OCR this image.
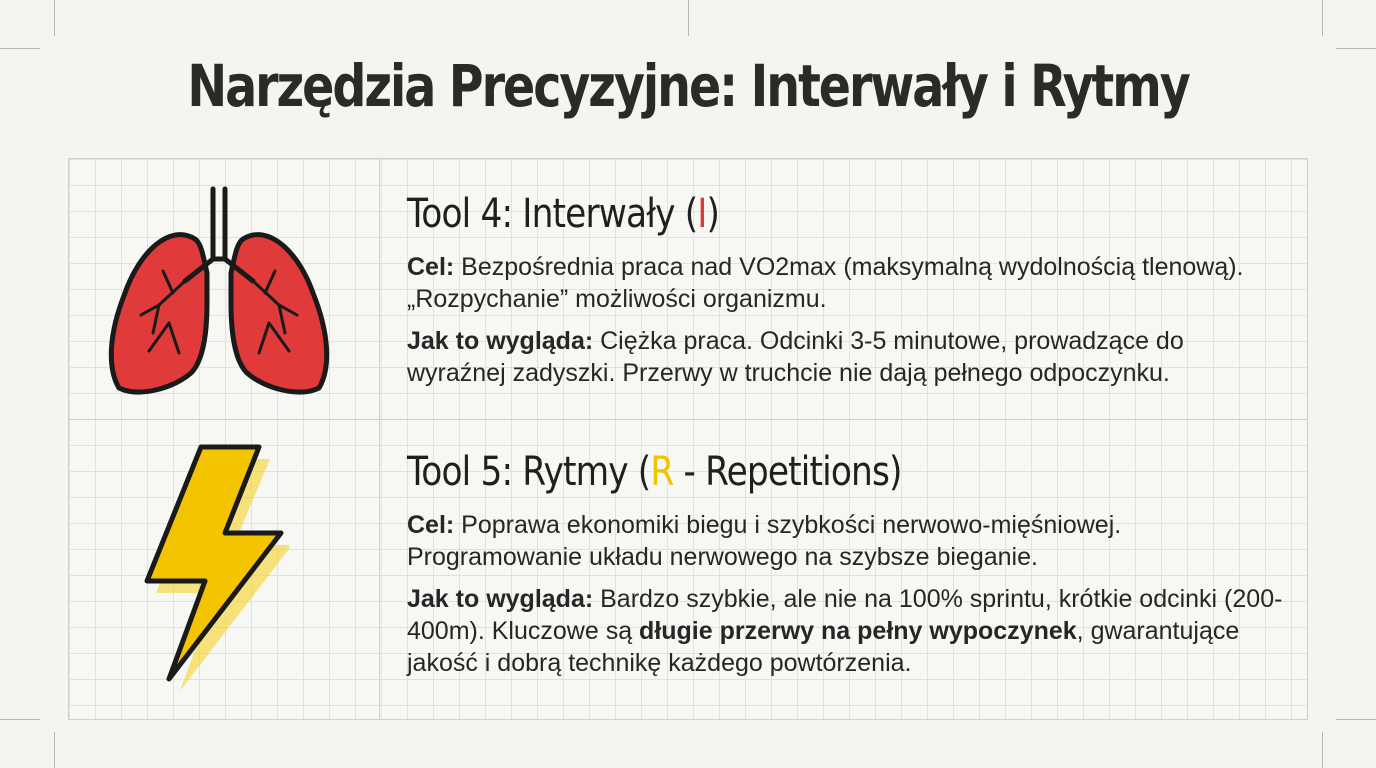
Narzędzia Precyzyjne: Interwały i Rytmy
Tool 4: Interwały (I)

Cel: Bezpośrednia praca nad VO2max (maksymalną wydolnością tlenową). „Rozpychanie” możliwości organizmu.

Jak to wygląda: Ciężka praca. Odcinki 3-5 minutowe, prowadzące do wyraźnej zadyszki. Przerwy w truchcie nie dają pełnego odpoczynku.

Tool 5: Rytmy (R - Repetitions)

Cel: Poprawa ekonomiki biegu i szybkości nerwowo-mięśniowej. Programowanie układu nerwowego na szybsze bieganie.

Jak to wygląda: Bardzo szybkie, ale nie na 100% sprintu, krótkie odcinki (200-400m). Kluczowe są długie przerwy na pełny wypoczynek, gwarantujące jakość i dobrą technikę każdego powtórzenia.
